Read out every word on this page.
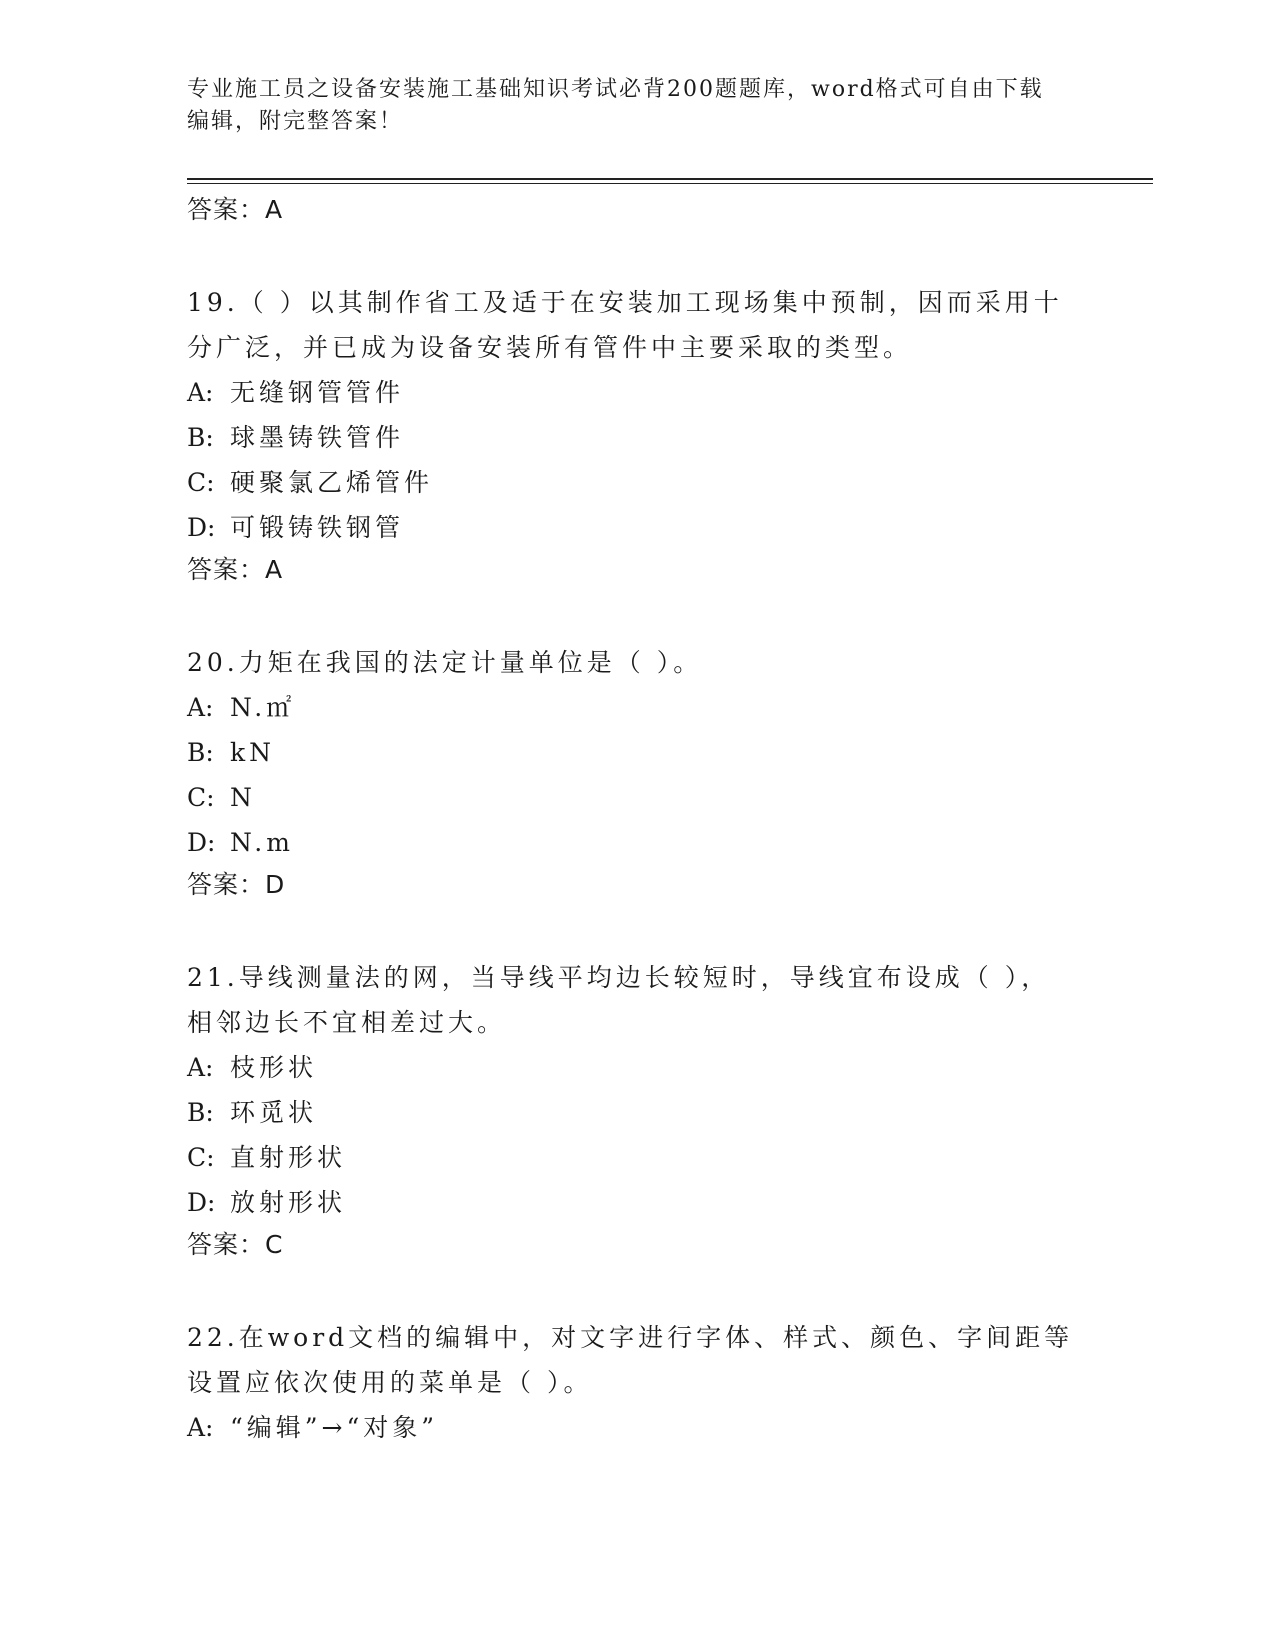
专业施工员之设备安装施工基础知识考试必背200题题库，word格式可自由下载
编辑，附完整答案！

答案：A

19.（ ）以其制作省工及适于在安装加工现场集中预制，因而采用十

分广泛，并已成为设备安装所有管件中主要采取的类型。

A: 无缝钢管管件

B: 球墨铸铁管件

C: 硬聚氯乙烯管件

D: 可锻铸铁钢管

答案：A

20.力矩在我国的法定计量单位是（ ）。

A: N.㎡

B: kN

C: N

D: N.m

答案：D

21.导线测量法的网，当导线平均边长较短时，导线宜布设成（ ），

相邻边长不宜相差过大。

A: 枝形状

B: 环觅状

C: 直射形状

D: 放射形状

答案：C

22.在word文档的编辑中，对文字进行字体、样式、颜色、字间距等

设置应依次使用的菜单是（ ）。

A: “编辑”→“对象”
